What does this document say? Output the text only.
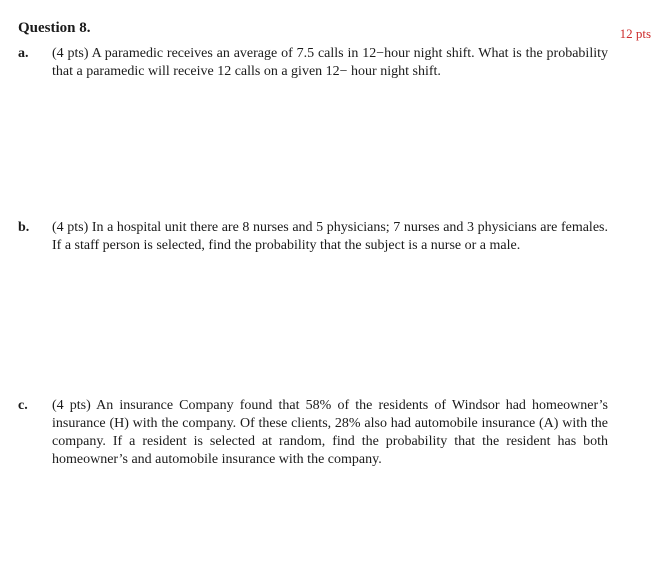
Question 8.	12 pts
a.	(4 pts) A paramedic receives an average of 7.5 calls in 12−hour night shift. What is the probability that a paramedic will receive 12 calls on a given 12− hour night shift.
b.	(4 pts) In a hospital unit there are 8 nurses and 5 physicians; 7 nurses and 3 physicians are females. If a staff person is selected, find the probability that the subject is a nurse or a male.
c.	(4 pts) An insurance Company found that 58% of the residents of Windsor had homeowner’s insurance (H) with the company. Of these clients, 28% also had automobile insurance (A) with the company. If a resident is selected at random, find the probability that the resident has both homeowner’s and automobile insurance with the company.
